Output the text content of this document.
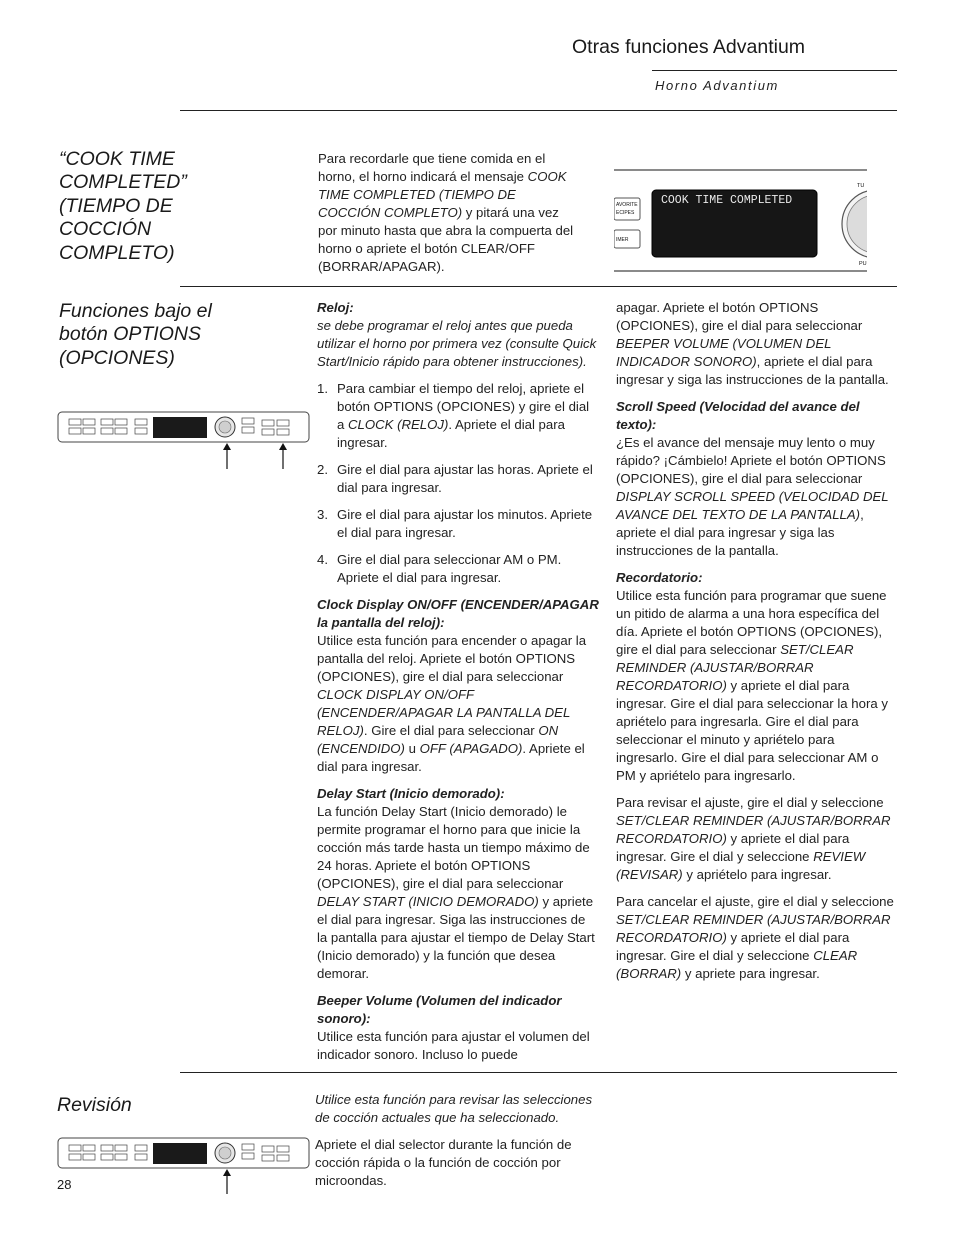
Otras funciones Advantium
Horno Advantium
“COOK TIME COMPLETED” (TIEMPO DE COCCIÓN COMPLETO)
Para recordarle que tiene comida en el horno, el horno indicará el mensaje COOK TIME COMPLETED (TIEMPO DE COCCIÓN COMPLETO) y pitará una vez por minuto hasta que abra la compuerta del horno o apriete el botón CLEAR/OFF (BORRAR/APAGAR).
AVORITE
ECIPES
IMER
COOK TIME COMPLETED
TU
PU
Funciones bajo el botón OPTIONS (OPCIONES)

Reloj:
se debe programar el reloj antes que pueda utilizar el horno por primera vez (consulte Quick Start/Inicio rápido para obtener instrucciones).

1. Para cambiar el tiempo del reloj, apriete el botón OPTIONS (OPCIONES) y gire el dial a CLOCK (RELOJ). Apriete el dial para ingresar.
2. Gire el dial para ajustar las horas. Apriete el dial para ingresar.
3. Gire el dial para ajustar los minutos. Apriete el dial para ingresar.
4. Gire el dial para seleccionar AM o PM. Apriete el dial para ingresar.

Clock Display ON/OFF (ENCENDER/APAGAR la pantalla del reloj):
Utilice esta función para encender o apagar la pantalla del reloj. Apriete el botón OPTIONS (OPCIONES), gire el dial para seleccionar CLOCK DISPLAY ON/OFF (ENCENDER/APAGAR LA PANTALLA DEL RELOJ). Gire el dial para seleccionar ON (ENCENDIDO) u OFF (APAGADO). Apriete el dial para ingresar.

Delay Start (Inicio demorado):
La función Delay Start (Inicio demorado) le permite programar el horno para que inicie la cocción más tarde hasta un tiempo máximo de 24 horas. Apriete el botón OPTIONS (OPCIONES), gire el dial para seleccionar DELAY START (INICIO DEMORADO) y apriete el dial para ingresar. Siga las instrucciones de la pantalla para ajustar el tiempo de Delay Start (Inicio demorado) y la función que desea demorar.

Beeper Volume (Volumen del indicador sonoro):
Utilice esta función para ajustar el volumen del indicador sonoro. Incluso lo puede

apagar. Apriete el botón OPTIONS (OPCIONES), gire el dial para seleccionar BEEPER VOLUME (VOLUMEN DEL INDICADOR SONORO), apriete el dial para ingresar y siga las instrucciones de la pantalla.

Scroll Speed (Velocidad del avance del texto):
¿Es el avance del mensaje muy lento o muy rápido? ¡Cámbielo! Apriete el botón OPTIONS (OPCIONES), gire el dial para seleccionar DISPLAY SCROLL SPEED (VELOCIDAD DEL AVANCE DEL TEXTO DE LA PANTALLA), apriete el dial para ingresar y siga las instrucciones de la pantalla.

Recordatorio:
Utilice esta función para programar que suene un pitido de alarma a una hora específica del día. Apriete el botón OPTIONS (OPCIONES), gire el dial para seleccionar SET/CLEAR REMINDER (AJUSTAR/BORRAR RECORDATORIO) y apriete el dial para ingresar. Gire el dial para seleccionar la hora y apriételo para ingresarla. Gire el dial para seleccionar el minuto y apriételo para ingresarlo. Gire el dial para seleccionar AM o PM y apriételo para ingresarlo.

Para revisar el ajuste, gire el dial y seleccione SET/CLEAR REMINDER (AJUSTAR/BORRAR RECORDATORIO) y apriete el dial para ingresar. Gire el dial y seleccione REVIEW (REVISAR) y apriételo para ingresar.

Para cancelar el ajuste, gire el dial y seleccione SET/CLEAR REMINDER (AJUSTAR/BORRAR RECORDATORIO) y apriete el dial para ingresar. Gire el dial y seleccione CLEAR (BORRAR) y apriete para ingresar.

Revisión	Utilice esta función para revisar las selecciones de cocción actuales que ha seleccionado.

Apriete el dial selector durante la función de cocción rápida o la función de cocción por microondas.

28
